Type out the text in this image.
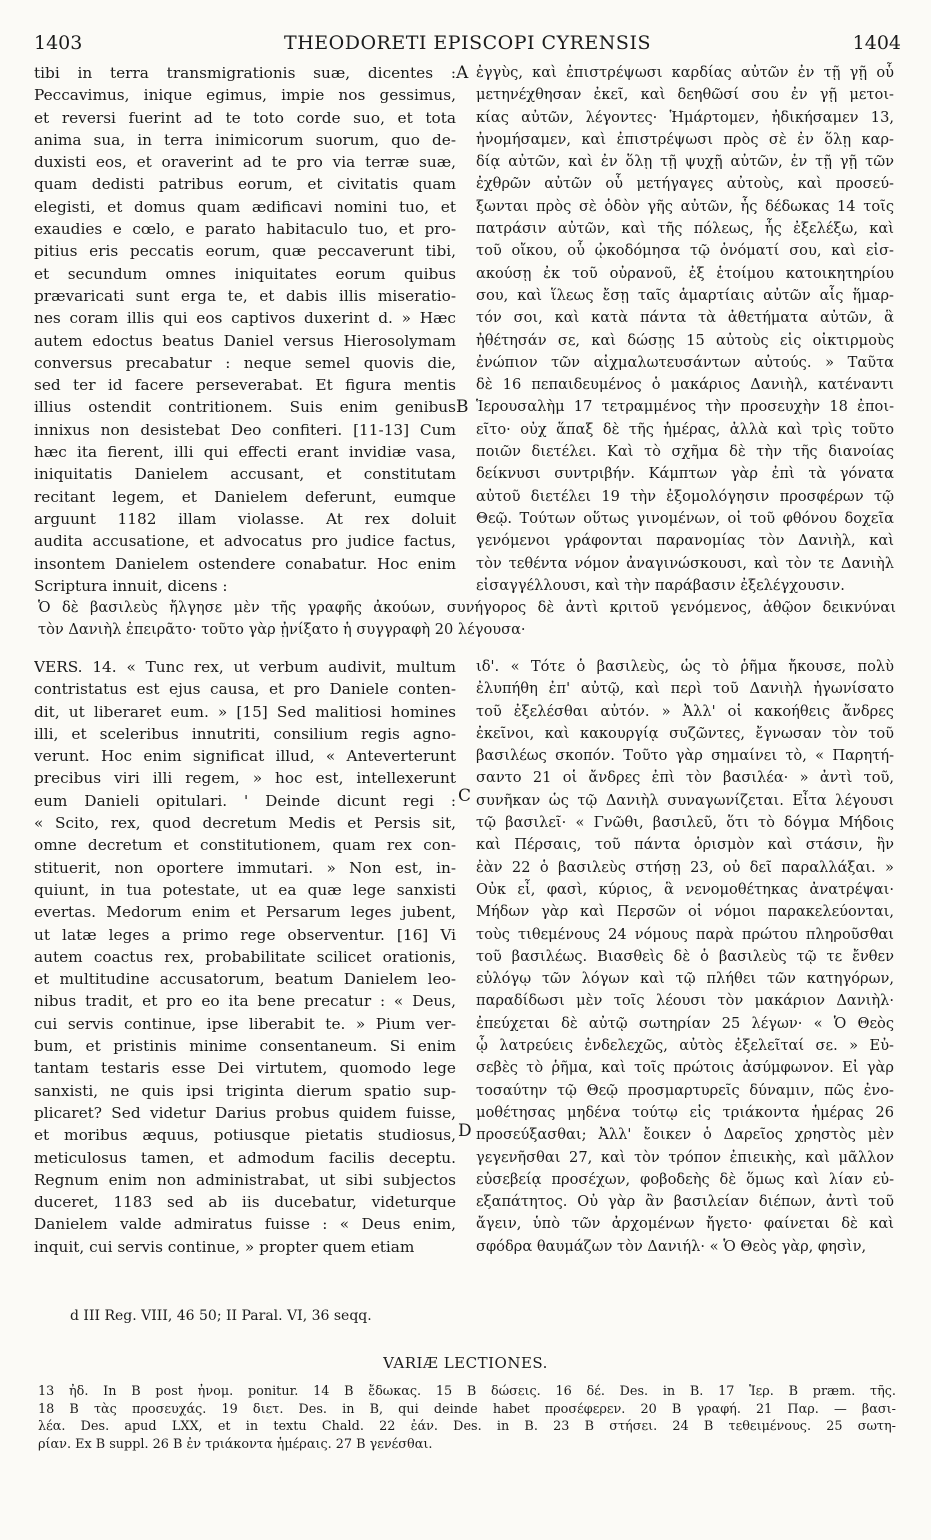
1403	THEODORETI EPISCOPI CYRENSIS	1404
tibi in terra transmigrationis suæ, dicentes :
Peccavimus, inique egimus, impie nos gessimus,
et reversi fuerint ad te toto corde suo, et tota
anima sua, in terra inimicorum suorum, quo de-
duxisti eos, et oraverint ad te pro via terræ suæ,
quam dedisti patribus eorum, et civitatis quam
elegisti, et domus quam ædificavi nomini tuo, et
exaudies e cœlo, e parato habitaculo tuo, et pro-
pitius eris peccatis eorum, quæ peccaverunt tibi,
et secundum omnes iniquitates eorum quibus
prævaricati sunt erga te, et dabis illis miseratio-
nes coram illis qui eos captivos duxerint d. » Hæc
autem edoctus beatus Daniel versus Hierosolymam
conversus precabatur : neque semel quovis die,
sed ter id facere perseverabat. Et figura mentis
illius ostendit contritionem. Suis enim genibus
innixus non desistebat Deo confiteri. [11-13] Cum
hæc ita fierent, illi qui effecti erant invidiæ vasa,
iniquitatis Danielem accusant, et constitutam
recitant legem, et Danielem deferunt, eumque
arguunt 1182 illam violasse. At rex doluit
audita accusatione, et advocatus pro judice factus,
insontem Danielem ostendere conabatur. Hoc enim
Scriptura innuit, dicens :
ἐγγὺς, καὶ ἐπιστρέψωσι καρδίας αὐτῶν ἐν τῇ γῇ οὗ
μετηνέχθησαν ἐκεῖ, καὶ δεηθῶσί σου ἐν γῇ μετοι-
κίας αὐτῶν, λέγοντες· Ἡμάρτομεν, ἠδικήσαμεν 13,
ἠνομήσαμεν, καὶ ἐπιστρέψωσι πρὸς σὲ ἐν ὅλῃ καρ-
δίᾳ αὐτῶν, καὶ ἐν ὅλῃ τῇ ψυχῇ αὐτῶν, ἐν τῇ γῇ τῶν
ἐχθρῶν αὐτῶν οὗ μετήγαγες αὐτοὺς, καὶ προσεύ-
ξωνται πρὸς σὲ ὁδὸν γῆς αὐτῶν, ἧς δέδωκας 14 τοῖς
πατράσιν αὐτῶν, καὶ τῆς πόλεως, ἧς ἐξελέξω, καὶ
τοῦ οἴκου, οὗ ᾠκοδόμησα τῷ ὀνόματί σου, καὶ εἰσ-
ακούσῃ ἐκ τοῦ οὐρανοῦ, ἐξ ἑτοίμου κατοικητηρίου
σου, καὶ ἵλεως ἔσῃ ταῖς ἁμαρτίαις αὐτῶν αἷς ἥμαρ-
τόν σοι, καὶ κατὰ πάντα τὰ ἀθετήματα αὐτῶν, ἃ
ἠθέτησάν σε, καὶ δώσῃς 15 αὐτοὺς εἰς οἰκτιρμοὺς
ἐνώπιον τῶν αἰχμαλωτευσάντων αὐτούς. » Ταῦτα
δὲ 16 πεπαιδευμένος ὁ μακάριος Δανιὴλ, κατέναντι
Ἱερουσαλὴμ 17 τετραμμένος τὴν προσευχὴν 18 ἐποι-
εῖτο· οὐχ ἅπαξ δὲ τῆς ἡμέρας, ἀλλὰ καὶ τρὶς τοῦτο
ποιῶν διετέλει. Καὶ τὸ σχῆμα δὲ τὴν τῆς διανοίας
δείκνυσι συντριβήν. Κάμπτων γὰρ ἐπὶ τὰ γόνατα
αὐτοῦ διετέλει 19 τὴν ἐξομολόγησιν προσφέρων τῷ
Θεῷ. Τούτων οὕτως γινομένων, οἱ τοῦ φθόνου δοχεῖα
γενόμενοι γράφονται παρανομίας τὸν Δανιὴλ, καὶ
τὸν τεθέντα νόμον ἀναγινώσκουσι, καὶ τὸν τε Δανιὴλ
εἰσαγγέλλουσι, καὶ τὴν παράβασιν ἐξελέγχουσιν.
A
B
C
D
Ὁ δὲ βασιλεὺς ἤλγησε μὲν τῆς γραφῆς ἀκούων, συνήγορος δὲ ἀντὶ κριτοῦ γενόμενος, ἀθῷον δεικνύναι
τὸν Δανιὴλ ἐπειρᾶτο· τοῦτο γὰρ ᾐνίξατο ἡ συγγραφὴ 20 λέγουσα·
VERS. 14. « Tunc rex, ut verbum audivit, multum
contristatus est ejus causa, et pro Daniele conten-
dit, ut liberaret eum. » [15] Sed malitiosi homines
illi, et sceleribus innutriti, consilium regis agno-
verunt. Hoc enim significat illud, « Anteverterunt
precibus viri illi regem, » hoc est, intellexerunt
eum Danieli opitulari. ' Deinde dicunt regi :
« Scito, rex, quod decretum Medis et Persis sit,
omne decretum et constitutionem, quam rex con-
stituerit, non oportere immutari. » Non est, in-
quiunt, in tua potestate, ut ea quæ lege sanxisti
evertas. Medorum enim et Persarum leges jubent,
ut latæ leges a primo rege observentur. [16] Vi
autem coactus rex, probabilitate scilicet orationis,
et multitudine accusatorum, beatum Danielem leo-
nibus tradit, et pro eo ita bene precatur : « Deus,
cui servis continue, ipse liberabit te. » Pium ver-
bum, et pristinis minime consentaneum. Si enim
tantam testaris esse Dei virtutem, quomodo lege
sanxisti, ne quis ipsi triginta dierum spatio sup-
plicaret? Sed videtur Darius probus quidem fuisse,
et moribus æquus, potiusque pietatis studiosus,
meticulosus tamen, et admodum facilis deceptu.
Regnum enim non administrabat, ut sibi subjectos
duceret, 1183 sed ab iis ducebatur, videturque
Danielem valde admiratus fuisse : « Deus enim,
inquit, cui servis continue, » propter quem etiam
ιδ'. « Τότε ὁ βασιλεὺς, ὡς τὸ ῥῆμα ἤκουσε, πολὺ
ἐλυπήθη ἐπ' αὐτῷ, καὶ περὶ τοῦ Δανιὴλ ἠγωνίσατο
τοῦ ἐξελέσθαι αὐτόν. » Ἀλλ' οἱ κακοήθεις ἄνδρες
ἐκεῖνοι, καὶ κακουργίᾳ συζῶντες, ἔγνωσαν τὸν τοῦ
βασιλέως σκοπόν. Τοῦτο γὰρ σημαίνει τὸ, « Παρητή-
σαντο 21 οἱ ἄνδρες ἐπὶ τὸν βασιλέα· » ἀντὶ τοῦ,
συνῆκαν ὡς τῷ Δανιὴλ συναγωνίζεται. Εἶτα λέγουσι
τῷ βασιλεῖ· « Γνῶθι, βασιλεῦ, ὅτι τὸ δόγμα Μήδοις
καὶ Πέρσαις, τοῦ πάντα ὁρισμὸν καὶ στάσιν, ἣν
ἐὰν 22 ὁ βασιλεὺς στήσῃ 23, οὐ δεῖ παραλλάξαι. »
Οὐκ εἶ, φασὶ, κύριος, ἃ νενομοθέτηκας ἀνατρέψαι·
Μήδων γὰρ καὶ Περσῶν οἱ νόμοι παρακελεύονται,
τοὺς τιθεμένους 24 νόμους παρὰ πρώτου πληροῦσθαι
τοῦ βασιλέως. Βιασθεὶς δὲ ὁ βασιλεὺς τῷ τε ἔνθεν
εὐλόγῳ τῶν λόγων καὶ τῷ πλήθει τῶν κατηγόρων,
παραδίδωσι μὲν τοῖς λέουσι τὸν μακάριον Δανιὴλ·
ἐπεύχεται δὲ αὐτῷ σωτηρίαν 25 λέγων· « Ὁ Θεὸς
ᾧ λατρεύεις ἐνδελεχῶς, αὐτὸς ἐξελεῖταί σε. » Εὐ-
σεβὲς τὸ ῥῆμα, καὶ τοῖς πρώτοις ἀσύμφωνον. Εἰ γὰρ
τοσαύτην τῷ Θεῷ προσμαρτυρεῖς δύναμιν, πῶς ἐνο-
μοθέτησας μηδένα τούτῳ εἰς τριάκοντα ἡμέρας 26
προσεύξασθαι; Ἀλλ' ἔοικεν ὁ Δαρεῖος χρηστὸς μὲν
γεγενῆσθαι 27, καὶ τὸν τρόπον ἐπιεικὴς, καὶ μᾶλλον
εὐσεβείᾳ προσέχων, φοβοδεὴς δὲ ὅμως καὶ λίαν εὐ-
εξαπάτητος. Οὐ γὰρ ἂν βασιλείαν διέπων, ἀντὶ τοῦ
ἄγειν, ὑπὸ τῶν ἀρχομένων ἤγετο· φαίνεται δὲ καὶ
σφόδρα θαυμάζων τὸν Δανιήλ· « Ὁ Θεὸς γὰρ, φησὶν,
d III Reg. VIII, 46 50; II Paral. VI, 36 seqq.
VARIÆ LECTIONES.
13 ἠδ. In B post ἠνομ. ponitur. 14 B ἔδωκας. 15 B δώσεις. 16 δέ. Des. in B. 17 Ἱερ. B præm. τῆς.
18 B τὰς προσευχάς. 19 διετ. Des. in B, qui deinde habet προσέφερεν. 20 B γραφή. 21 Παρ. — βασι-
λέα. Des. apud LXX, et in textu Chald. 22 ἐάν. Des. in B. 23 B στήσει. 24 B τεθειμένους. 25 σωτη-
ρίαν. Ex B suppl. 26 B ἐν τριάκοντα ἡμέραις. 27 B γενέσθαι.
